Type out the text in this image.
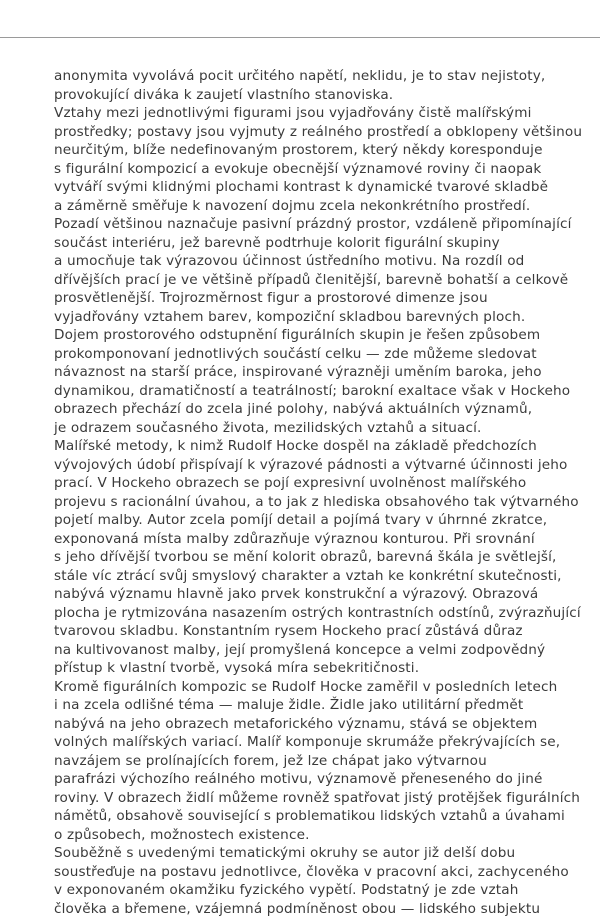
anonymita vyvolává pocit určitého napětí, neklidu, je to stav nejistoty,
provokující diváka k zaujetí vlastního stanoviska.
Vztahy mezi jednotlivými figurami jsou vyjadřovány čistě malířskými
prostředky; postavy jsou vyjmuty z reálného prostředí a obklopeny většinou
neurčitým, blíže nedefinovaným prostorem, který někdy koresponduje
s figurální kompozicí a evokuje obecnější významové roviny či naopak
vytváří svými klidnými plochami kontrast k dynamické tvarové skladbě
a záměrně směřuje k navození dojmu zcela nekonkrétního prostředí.
Pozadí většinou naznačuje pasivní prázdný prostor, vzdáleně připomínající
součást interiéru, jež barevně podtrhuje kolorit figurální skupiny
a umocňuje tak výrazovou účinnost ústředního motivu. Na rozdíl od
dřívějších prací je ve většině případů členitější, barevně bohatší a celkově
prosvětlenější. Trojrozměrnost figur a prostorové dimenze jsou
vyjadřovány vztahem barev, kompoziční skladbou barevných ploch.
Dojem prostorového odstupnění figurálních skupin je řešen způsobem
prokomponovaní jednotlivých součástí celku — zde můžeme sledovat
návaznost na starší práce, inspirované výrazněji uměním baroka, jeho
dynamikou, dramatičností a teatrálností; barokní exaltace však v Hockeho
obrazech přechází do zcela jiné polohy, nabývá aktuálních významů,
je odrazem současného života, mezilidských vztahů a situací.
Malířské metody, k nimž Rudolf Hocke dospěl na základě předchozích
vývojových údobí přispívají k výrazové pádnosti a výtvarné účinnosti jeho
prací. V Hockeho obrazech se pojí expresivní uvolněnost malířského
projevu s racionální úvahou, a to jak z hlediska obsahového tak výtvarného
pojetí malby. Autor zcela pomíjí detail a pojímá tvary v úhrnné zkratce,
exponovaná místa malby zdůrazňuje výraznou konturou. Při srovnání
s jeho dřívější tvorbou se mění kolorit obrazů, barevná škála je světlejší,
stále víc ztrácí svůj smyslový charakter a vztah ke konkrétní skutečnosti,
nabývá významu hlavně jako prvek konstrukční a výrazový. Obrazová
plocha je rytmizována nasazením ostrých kontrastních odstínů, zvýrazňující
tvarovou skladbu. Konstantním rysem Hockeho prací zůstává důraz
na kultivovanost malby, její promyšlená koncepce a velmi zodpovědný
přístup k vlastní tvorbě, vysoká míra sebekritičnosti.
Kromě figurálních kompozic se Rudolf Hocke zaměřil v posledních letech
i na zcela odlišné téma — maluje židle. Židle jako utilitární předmět
nabývá na jeho obrazech metaforického významu, stává se objektem
volných malířských variací. Malíř komponuje skrumáže překrývajících se,
navzájem se prolínajících forem, jež lze chápat jako výtvarnou
parafrázi výchozího reálného motivu, významově přeneseného do jiné
roviny. V obrazech židlí můžeme rovněž spatřovat jistý protějšek figurálních
námětů, obsahově související s problematikou lidských vztahů a úvahami
o způsobech, možnostech existence.
Souběžně s uvedenými tematickými okruhy se autor již delší dobu
soustřeďuje na postavu jednotlivce, člověka v pracovní akci, zachyceného
v exponovaném okamžiku fyzického vypětí. Podstatný je zde vztah
člověka a břemene, vzájemná podmíněnost obou — lidského subjektu
